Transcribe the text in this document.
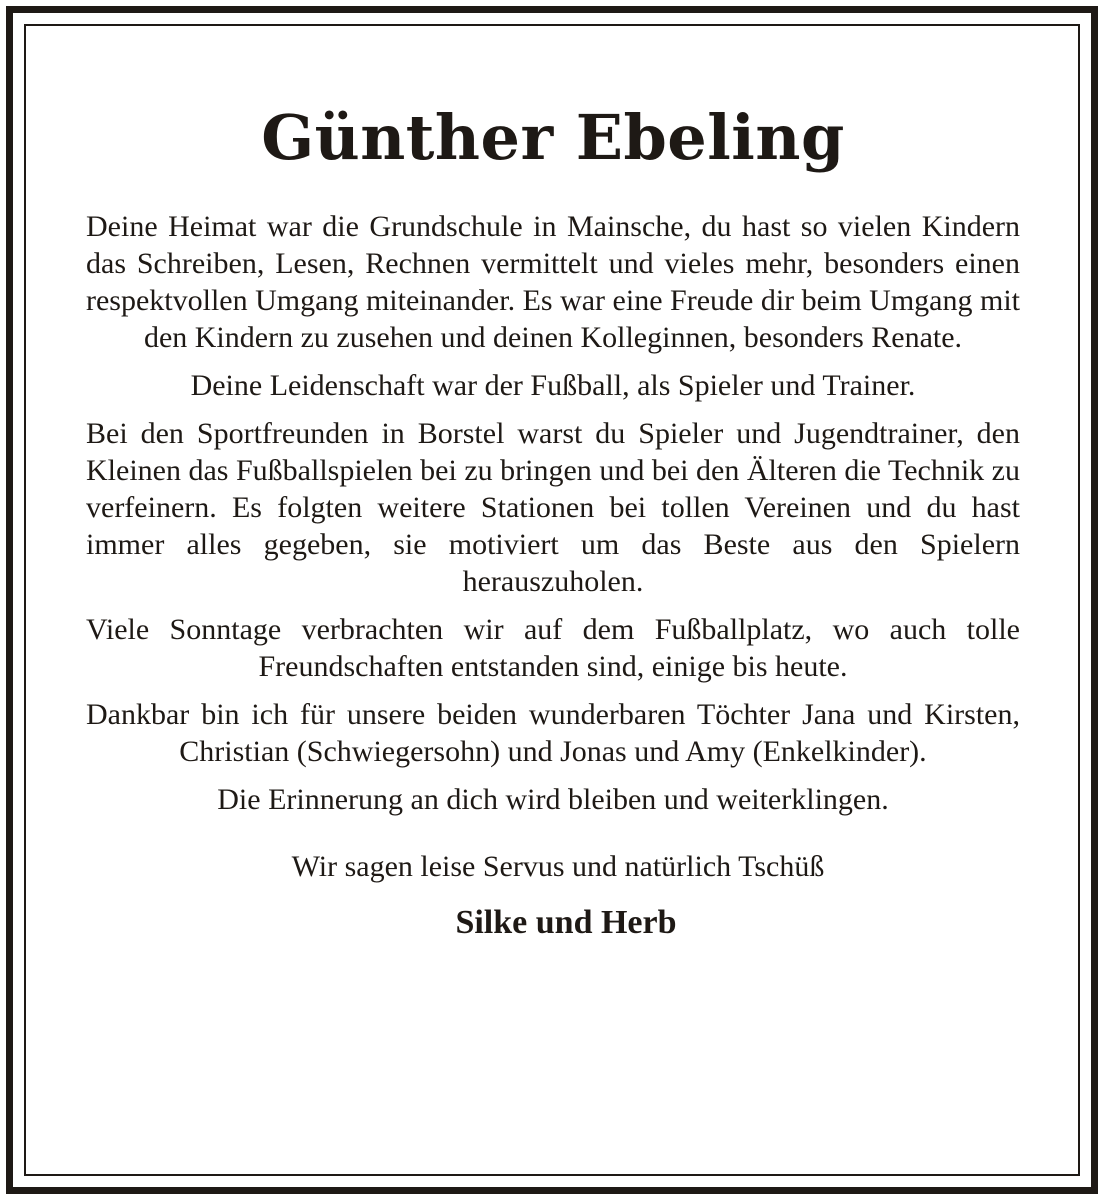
Günther Ebeling

Deine Heimat war die Grundschule in Mainsche, du hast so vielen Kindern das Schreiben, Lesen, Rechnen vermittelt und vieles mehr, besonders einen respektvollen Umgang miteinander. Es war eine Freude dir beim Umgang mit den Kindern zu zusehen und deinen Kolleginnen, besonders Renate.

Deine Leidenschaft war der Fußball, als Spieler und Trainer.

Bei den Sportfreunden in Borstel warst du Spieler und Jugendtrainer, den Kleinen das Fußballspielen bei zu bringen und bei den Älteren die Technik zu verfeinern. Es folgten weitere Stationen bei tollen Vereinen und du hast immer alles gegeben, sie motiviert um das Beste aus den Spielern herauszuholen.

Viele Sonntage verbrachten wir auf dem Fußballplatz, wo auch tolle Freundschaften entstanden sind, einige bis heute.

Dankbar bin ich für unsere beiden wunderbaren Töchter Jana und Kirsten, Christian (Schwiegersohn) und Jonas und Amy (Enkelkinder).

Die Erinnerung an dich wird bleiben und weiterklingen.

Wir sagen leise Servus und natürlich Tschüß

Silke und Herb
